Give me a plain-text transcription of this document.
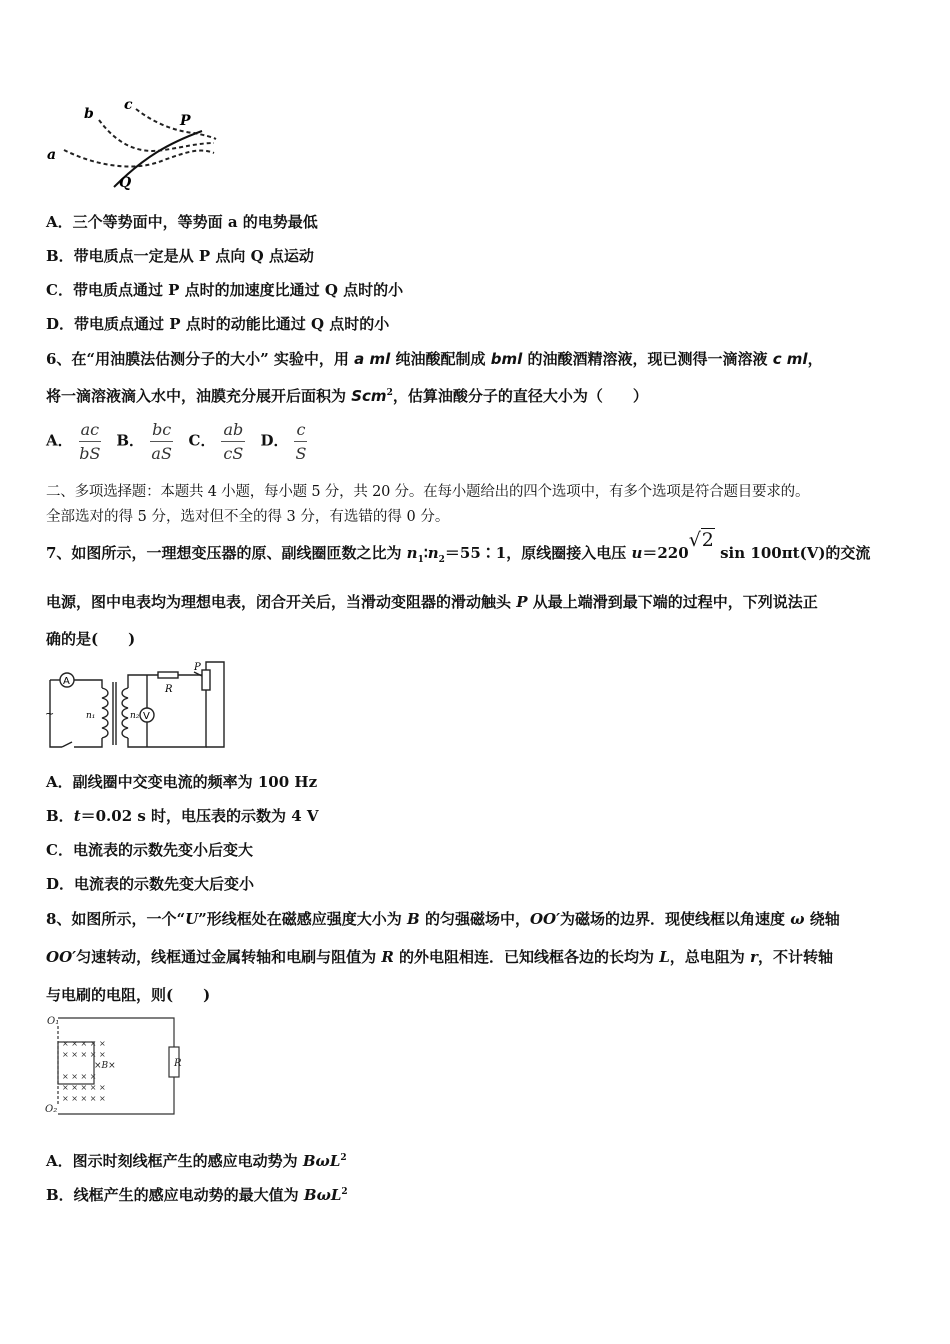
a
b
c
P
Q
A．三个等势面中，等势面 a 的电势最低
B．带电质点一定是从 P 点向 Q 点运动
C．带电质点通过 P 点时的加速度比通过 Q 点时的小
D．带电质点通过 P 点时的动能比通过 Q 点时的小
6、在“用油膜法估测分子的大小” 实验中，用 a ml 纯油酸配制成 bml 的油酸酒精溶液，现已测得一滴溶液 c ml，
将一滴溶液滴入水中，油膜充分展开后面积为 Scm$^2$，估算油酸分子的直径大小为（　　）
A． $\frac{ac}{bS}$ B． $\frac{bc}{aS}$ C． $\frac{ab}{cS}$ D． $\frac{c}{S}$
二、多项选择题：本题共 4 小题，每小题 5 分，共 20 分。在每小题给出的四个选项中，有多个选项是符合题目要求的。
全部选对的得 5 分，选对但不全的得 3 分，有选错的得 0 分。
7、如图所示，一理想变压器的原、副线圈匝数之比为 $n_1∶n_2=55∶1$，原线圈接入电压 u＝220√2 sin 100πt(V)的交流
电源，图中电表均为理想电表，闭合开关后，当滑动变阻器的滑动触头 P 从最上端滑到最下端的过程中，下列说法正
确的是(　　)
A
V
R
P
n₁	n₂
~
A．副线圈中交变电流的频率为 100 Hz
B．t＝0.02 s 时，电压表的示数为 4 V
C．电流表的示数先变小后变大
D．电流表的示数先变大后变小
8、如图所示，一个“U”形线框处在磁感应强度大小为 B 的匀强磁场中，OO′为磁场的边界．现使线框以角速度 ω 绕轴
OO′匀速转动，线框通过金属转轴和电刷与阻值为 R 的外电阻相连．已知线框各边的长均为 L，总电阻为 r，不计转轴
与电刷的电阻，则(　　)
× × × × ×
× × × × ×
× × × × ×
× × × × ×
× × × ×
×B×
O₁
O₂
R
A．图示时刻线框产生的感应电动势为 BωL$^2$
B．线框产生的感应电动势的最大值为 BωL$^2$
